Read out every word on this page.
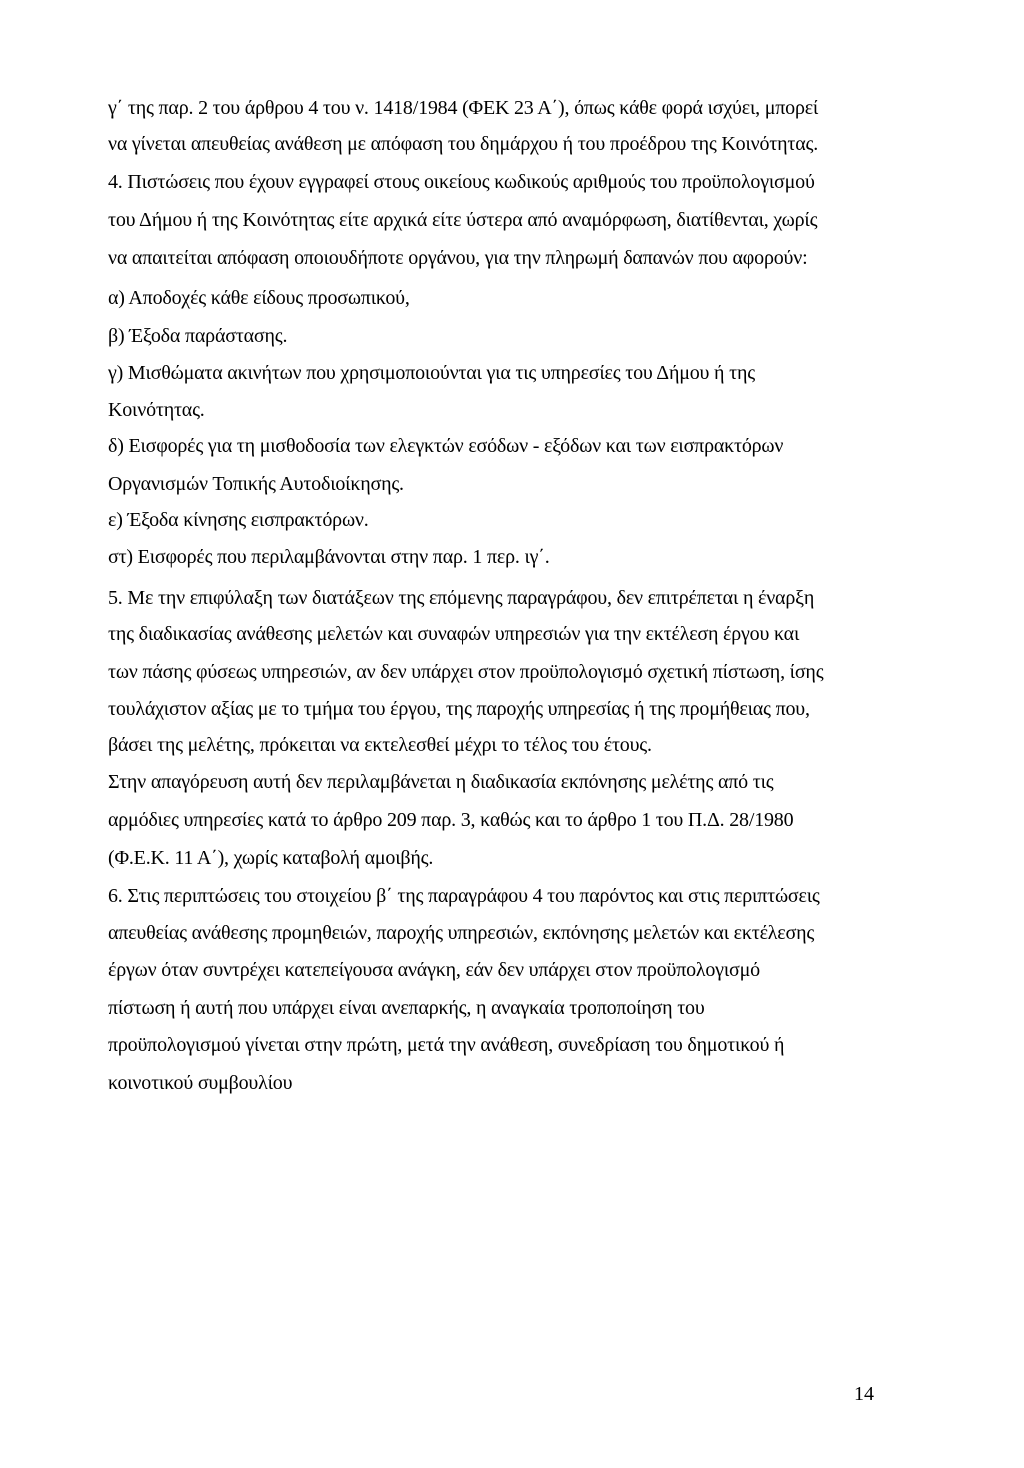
γ΄ της παρ. 2 του άρθρου 4 του ν. 1418/1984 (ΦΕΚ 23 Α΄), όπως κάθε φορά ισχύει, μπορεί
να γίνεται απευθείας ανάθεση με απόφαση του δημάρχου ή του προέδρου της Κοινότητας.
4. Πιστώσεις που έχουν εγγραφεί στους οικείους κωδικούς αριθμούς του προϋπολογισμού
του Δήμου ή της Κοινότητας είτε αρχικά είτε ύστερα από αναμόρφωση, διατίθενται, χωρίς
να απαιτείται απόφαση οποιουδήποτε οργάνου, για την πληρωμή δαπανών που αφορούν:
α) Αποδοχές κάθε είδους προσωπικού,
β) Έξοδα παράστασης.
γ) Μισθώματα ακινήτων που χρησιμοποιούνται για τις υπηρεσίες του Δήμου ή της
Κοινότητας.
δ) Εισφορές για τη μισθοδοσία των ελεγκτών εσόδων - εξόδων και των εισπρακτόρων
Οργανισμών Τοπικής Αυτοδιοίκησης.
ε) Έξοδα κίνησης εισπρακτόρων.
στ) Εισφορές που περιλαμβάνονται στην παρ. 1 περ. ιγ΄.
5. Με την επιφύλαξη των διατάξεων της επόμενης παραγράφου, δεν επιτρέπεται η έναρξη
της διαδικασίας ανάθεσης μελετών και συναφών υπηρεσιών για την εκτέλεση έργου και
των πάσης φύσεως υπηρεσιών, αν δεν υπάρχει στον προϋπολογισμό σχετική πίστωση, ίσης
τουλάχιστον αξίας με το τμήμα του έργου, της παροχής υπηρεσίας ή της προμήθειας που,
βάσει της μελέτης, πρόκειται να εκτελεσθεί μέχρι το τέλος του έτους.
Στην απαγόρευση αυτή δεν περιλαμβάνεται η διαδικασία εκπόνησης μελέτης από τις
αρμόδιες υπηρεσίες κατά το άρθρο 209 παρ. 3, καθώς και το άρθρο 1 του Π.Δ. 28/1980
(Φ.Ε.Κ. 11 Α΄), χωρίς καταβολή αμοιβής.
6. Στις περιπτώσεις του στοιχείου β΄ της παραγράφου 4 του παρόντος και στις περιπτώσεις
απευθείας ανάθεσης προμηθειών, παροχής υπηρεσιών, εκπόνησης μελετών και εκτέλεσης
έργων όταν συντρέχει κατεπείγουσα ανάγκη, εάν δεν υπάρχει στον προϋπολογισμό
πίστωση ή αυτή που υπάρχει είναι ανεπαρκής, η αναγκαία τροποποίηση του
προϋπολογισμού γίνεται στην πρώτη, μετά την ανάθεση, συνεδρίαση του δημοτικού ή
κοινοτικού συμβουλίου
14
